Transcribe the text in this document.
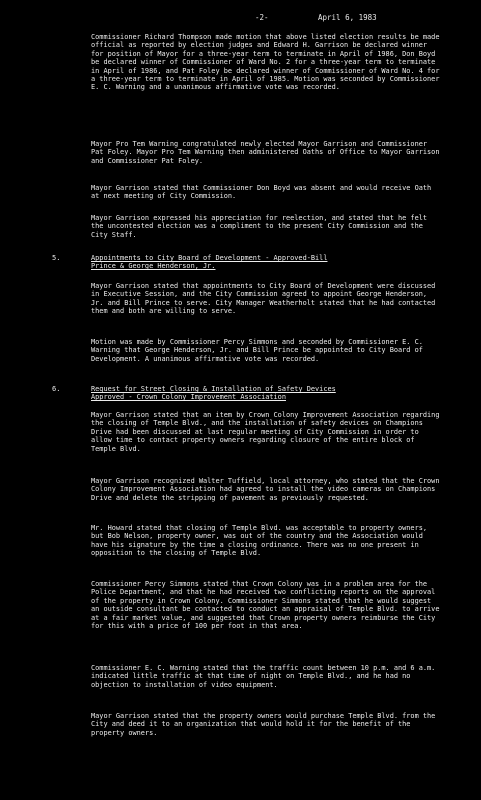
-2-	April 6, 1983

Commissioner Richard Thompson made motion that above listed election results be made official as reported by election judges and Edward H. Garrison be declared winner for position of Mayor for a three-year term to terminate in April of 1986, Don Boyd be declared winner of Commissioner of Ward No. 2 for a three-year term to terminate in April of 1986, and Pat Foley be declared winner of Commissioner of Ward No. 4 for a three-year term to terminate in April of 1985. Motion was seconded by Commissioner E. C. Warning and a unanimous affirmative vote was recorded.

Mayor Pro Tem Warning congratulated newly elected Mayor Garrison and Commissioner Pat Foley. Mayor Pro Tem Warning then administered Oaths of Office to Mayor Garrison and Commissioner Pat Foley.

Mayor Garrison stated that Commissioner Don Boyd was absent and would receive Oath at next meeting of City Commission.

Mayor Garrison expressed his appreciation for reelection, and stated that he felt the uncontested election was a compliment to the present City Commission and the City Staff.

5.	Appointments to City Board of Development - Approved-Bill
Prince & George Henderson, Jr.

Mayor Garrison stated that appointments to City Board of Development were discussed in Executive Session, and the City Commission agreed to appoint George Henderson, Jr. and Bill Prince to serve. City Manager Weatherholt stated that he had contacted them and both are willing to serve.

Motion was made by Commissioner Percy Simmons and seconded by Commissioner E. C. Warning that George Henderson, Jr. and Bill Prince be appointed to City Board of Development. A unanimous affirmative vote was recorded.

6.	Request for Street Closing & Installation of Safety Devices
Approved - Crown Colony Improvement Association

Mayor Garrison stated that an item by Crown Colony Improvement Association regarding the closing of Temple Blvd., and the installation of safety devices on Champions Drive had been discussed at last regular meeting of City Commission in order to allow time to contact property owners regarding closure of the entire block of Temple Blvd.

Mayor Garrison recognized Walter Tuffield, local attorney, who stated that the Crown Colony Improvement Association had agreed to install the video cameras on Champions Drive and delete the stripping of pavement as previously requested.

Mr. Howard stated that closing of Temple Blvd. was acceptable to property owners, but Bob Nelson, property owner, was out of the country and the Association would have his signature by the time a closing ordinance. There was no one present in opposition to the closing of Temple Blvd.

Commissioner Percy Simmons stated that Crown Colony was in a problem area for the Police Department, and that he had received two conflicting reports on the approval of the property in Crown Colony. Commissioner Simmons stated that he would suggest an outside consultant be contacted to conduct an appraisal of Temple Blvd. to arrive at a fair market value, and suggested that Crown property owners reimburse the City for this with a price of 100 per foot in that area.

Commissioner E. C. Warning stated that the traffic count between 10 p.m. and 6 a.m. indicated little traffic at that time of night on Temple Blvd., and he had no objection to installation of video equipment.

Mayor Garrison stated that the property owners would purchase Temple Blvd. from the City and deed it to an organization that would hold it for the benefit of the property owners.
